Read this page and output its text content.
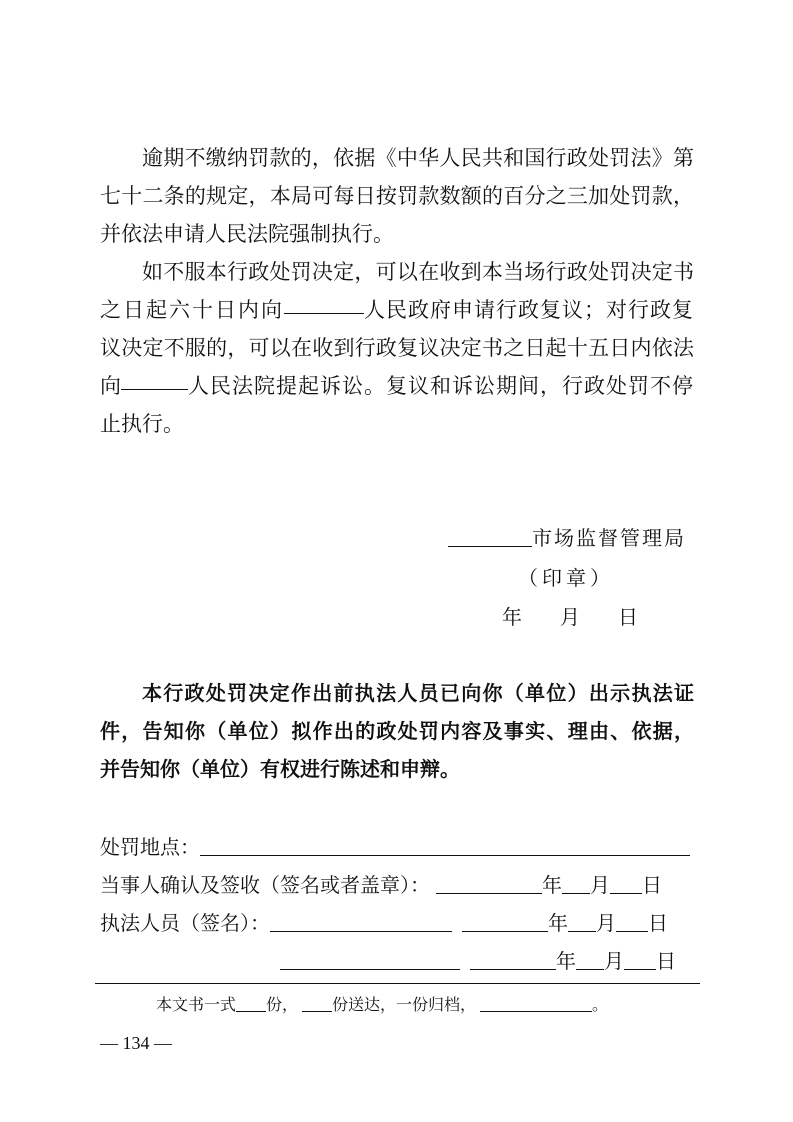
逾期不缴纳罚款的，依据《中华人民共和国行政处罚法》第
七十二条的规定，本局可每日按罚款数额的百分之三加处罚款，
并依法申请人民法院强制执行。
如不服本行政处罚决定，可以在收到本当场行政处罚决定书
之日起六十日内向	人民政府申请行政复议；对行政复
议决定不服的，可以在收到行政复议决定书之日起十五日内依法
向	人民法院提起诉讼。复议和诉讼期间，行政处罚不停
止执行。
市场监督管理局
（印章）
年 月 日
本行政处罚决定作出前执法人员已向你（单位）出示执法证
件，告知你（单位）拟作出的政处罚内容及事实、理由、依据，
并告知你（单位）有权进行陈述和申辩。
处罚地点：
当事人确认及签收（签名或者盖章）：	年 月 日
执法人员（签名）：	年 月 日
年 月 日
本文书一式 份， 份送达，一份归档，	。
— 134 —
